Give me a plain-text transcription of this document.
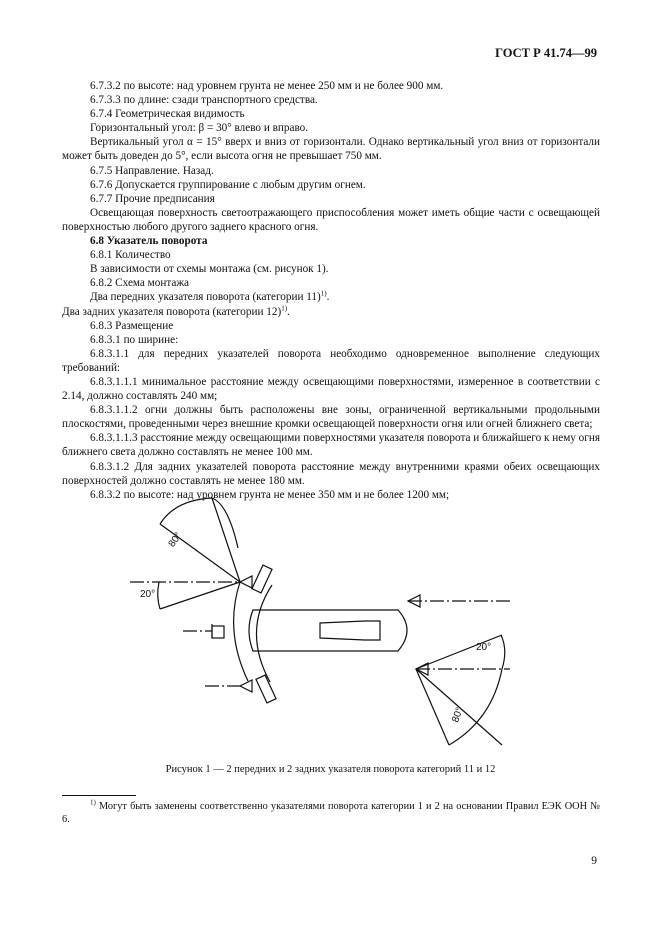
ГОСТ Р 41.74—99

6.7.3.2 по высоте: над уровнем грунта не менее 250 мм и не более 900 мм.

6.7.3.3 по длине: сзади транспортного средства.

6.7.4 Геометрическая видимость

Горизонтальный угол: β = 30° влево и вправо.

Вертикальный угол α = 15° вверх и вниз от горизонтали. Однако вертикальный угол вниз от горизонтали может быть доведен до 5°, если высота огня не превышает 750 мм.

6.7.5 Направление. Назад.

6.7.6 Допускается группирование с любым другим огнем.

6.7.7 Прочие предписания

Освещающая поверхность светоотражающего приспособления может иметь общие части с освещающей поверхностью любого другого заднего красного огня.

6.8 Указатель поворота

6.8.1 Количество

В зависимости от схемы монтажа (см. рисунок 1).

6.8.2 Схема монтажа

Два передних указателя поворота (категории 11)$^{1)}$.

Два задних указателя поворота (категории 12)$^{1)}$.

6.8.3 Размещение

6.8.3.1 по ширине:

6.8.3.1.1 для передних указателей поворота необходимо одновременное выполнение следующих требований:

6.8.3.1.1.1 минимальное расстояние между освещающими поверхностями, измеренное в соответствии с 2.14, должно составлять 240 мм;

6.8.3.1.1.2 огни должны быть расположены вне зоны, ограниченной вертикальными продольными плоскостями, проведенными через внешние кромки освещающей поверхности огня или огней ближнего света;

6.8.3.1.1.3 расстояние между освещающими поверхностями указателя поворота и ближайшего к нему огня ближнего света должно составлять не менее 100 мм.

6.8.3.1.2 Для задних указателей поворота расстояние между внутренними краями обеих освещающих поверхностей должно составлять не менее 180 мм.

6.8.3.2 по высоте: над уровнем грунта не менее 350 мм и не более 1200 мм;

80°
20°
20°
80°
Рисунок 1 — 2 передних и 2 задних указателя поворота категорий 11 и 12

$^{1)}$ Могут быть заменены соответственно указателями поворота категории 1 и 2 на основании Правил ЕЭК ООН № 6.

9
